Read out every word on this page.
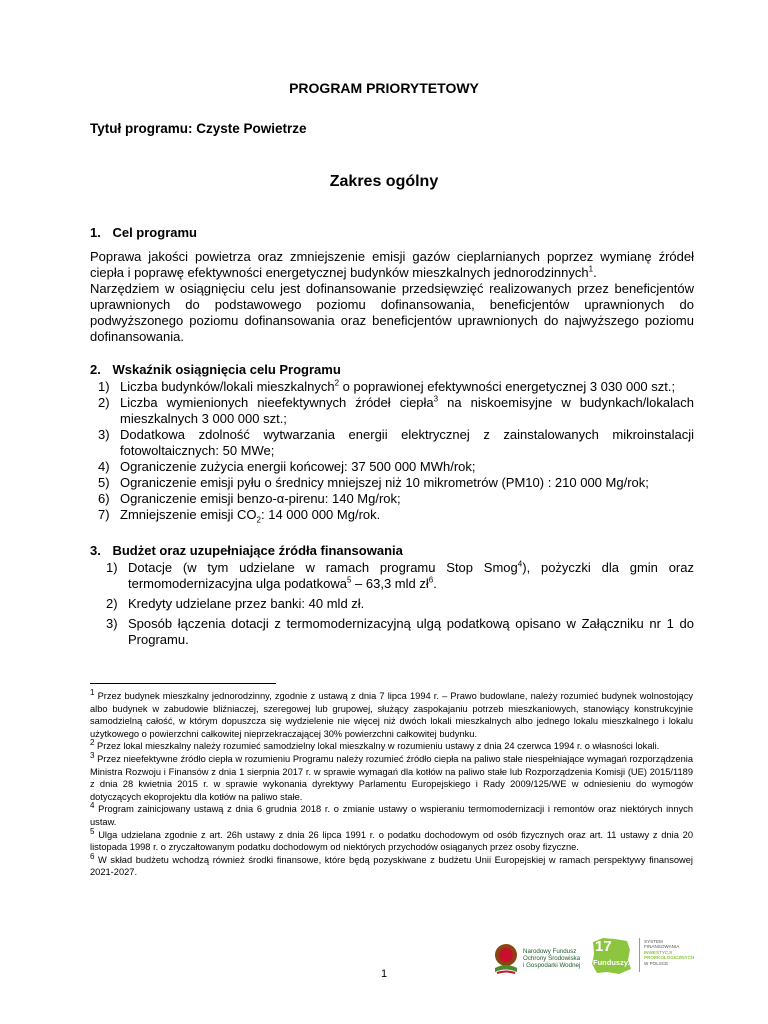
PROGRAM PRIORYTETOWY
Tytuł programu: Czyste Powietrze
Zakres ogólny
1. Cel programu
Poprawa jakości powietrza oraz zmniejszenie emisji gazów cieplarnianych poprzez wymianę źródeł ciepła i poprawę efektywności energetycznej budynków mieszkalnych jednorodzinnych$^1$.
Narzędziem w osiągnięciu celu jest dofinansowanie przedsięwzięć realizowanych przez beneficjentów uprawnionych do podstawowego poziomu dofinansowania, beneficjentów uprawnionych do podwyższonego poziomu dofinansowania oraz beneficjentów uprawnionych do najwyższego poziomu dofinansowania.
2. Wskaźnik osiągnięcia celu Programu
1) Liczba budynków/lokali mieszkalnych$^2$ o poprawionej efektywności energetycznej 3 030 000 szt.;
2) Liczba wymienionych nieefektywnych źródeł ciepła$^3$ na niskoemisyjne w budynkach/lokalach mieszkalnych 3 000 000 szt.;
3) Dodatkowa zdolność wytwarzania energii elektrycznej z zainstalowanych mikroinstalacji fotowoltaicznych: 50 MWe;
4) Ograniczenie zużycia energii końcowej: 37 500 000 MWh/rok;
5) Ograniczenie emisji pyłu o średnicy mniejszej niż 10 mikrometrów (PM10) : 210 000 Mg/rok;
6) Ograniczenie emisji benzo-α-pirenu: 140 Mg/rok;
7) Zmniejszenie emisji $CO_2$: 14 000 000 Mg/rok.
3. Budżet oraz uzupełniające źródła finansowania
1) Dotacje (w tym udzielane w ramach programu Stop Smog$^4$), pożyczki dla gmin oraz termomodernizacyjna ulga podatkowa$^5$ – 63,3 mld $zł^6$.
2) Kredyty udzielane przez banki: 40 mld zł.
3) Sposób łączenia dotacji z termomodernizacyjną ulgą podatkową opisano w Załączniku nr 1 do Programu.
$^1$ Przez budynek mieszkalny jednorodzinny, zgodnie z ustawą z dnia 7 lipca 1994 r. – Prawo budowlane, należy rozumieć budynek wolnostojący albo budynek w zabudowie bliźniaczej, szeregowej lub grupowej, służący zaspokajaniu potrzeb mieszkaniowych, stanowiący konstrukcyjnie samodzielną całość, w którym dopuszcza się wydzielenie nie więcej niż dwóch lokali mieszkalnych albo jednego lokalu mieszkalnego i lokalu użytkowego o powierzchni całkowitej nieprzekraczającej 30% powierzchni całkowitej budynku.
$^2$ Przez lokal mieszkalny należy rozumieć samodzielny lokal mieszkalny w rozumieniu ustawy z dnia 24 czerwca 1994 r. o własności lokali.
$^3$ Przez nieefektywne źródło ciepła w rozumieniu Programu należy rozumieć źródło ciepła na paliwo stałe niespełniające wymagań rozporządzenia Ministra Rozwoju i Finansów z dnia 1 sierpnia 2017 r. w sprawie wymagań dla kotłów na paliwo stałe lub Rozporządzenia Komisji (UE) 2015/1189 z dnia 28 kwietnia 2015 r. w sprawie wykonania dyrektywy Parlamentu Europejskiego i Rady 2009/125/WE w odniesieniu do wymogów dotyczących ekoprojektu dla kotłów na paliwo stałe.
$^4$ Program zainicjowany ustawą z dnia 6 grudnia 2018 r. o zmianie ustawy o wspieraniu termomodernizacji i remontów oraz niektórych innych ustaw.
$^5$ Ulga udzielana zgodnie z art. 26h ustawy z dnia 26 lipca 1991 r. o podatku dochodowym od osób fizycznych oraz art. 11 ustawy z dnia 20 listopada 1998 r. o zryczałtowanym podatku dochodowym od niektórych przychodów osiąganych przez osoby fizyczne.
$^6$ W skład budżetu wchodzą również środki finansowe, które będą pozyskiwane z budżetu Unii Europejskiej w ramach perspektywy finansowej 2021-2027.
Narodowy Fundusz
Ochrony Środowiska
i Gospodarki Wodnej
17
Funduszy.pl
SYSTEM
FINANSOWANIA
INWESTYCJI
PROEKOLOGICZNYCH
W POLSCE
1
